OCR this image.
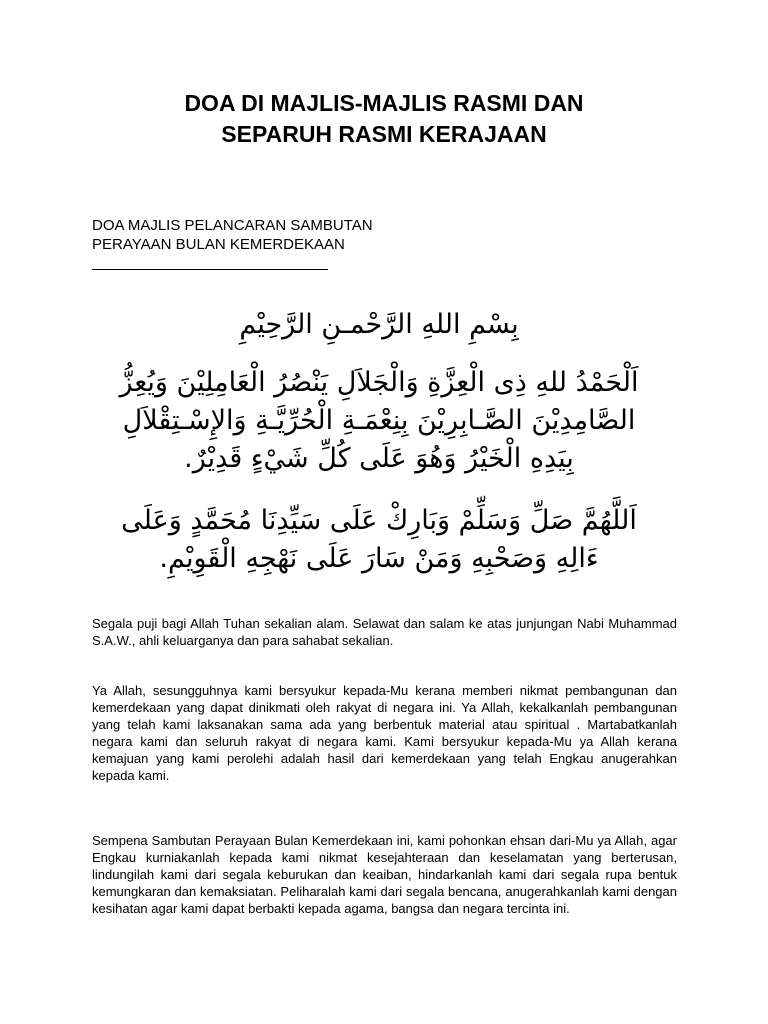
DOA DI MAJLIS-MAJLIS RASMI DAN
SEPARUH RASMI KERAJAAN
DOA MAJLIS PELANCARAN SAMBUTAN
PERAYAAN BULAN KEMERDEKAAN
بِسْمِ اللهِ الرَّحْمـنِ الرَّحِيْمِ
اَلْحَمْدُ للهِ ذِى الْعِزَّةِ وَالْجَلاَلِ يَنْصُرُ الْعَامِلِيْنَ وَيُعِزُّ
الصَّامِدِيْنَ الصَّـابِرِيْنَ بِنِعْمَـةِ الْحُرِّيَّـةِ وَالإِسْـتِقْلاَلِ
بِيَدِهِ الْخَيْرُ وَهُوَ عَلَى كُلِّ شَيْءٍ قَدِيْرٌ.
اَللَّهُمَّ صَلِّ وَسَلِّمْ وَبَارِكْ عَلَى سَيِّدِنَا مُحَمَّدٍ وَعَلَى
ءَالِهِ وَصَحْبِهِ وَمَنْ سَارَ عَلَى نَهْجِهِ الْقَوِيْمِ.

Segala puji bagi Allah Tuhan sekalian alam. Selawat dan salam ke atas junjungan Nabi Muhammad S.A.W., ahli keluarganya dan para sahabat sekalian.

Ya Allah, sesungguhnya kami bersyukur kepada-Mu kerana memberi nikmat pembangunan dan kemerdekaan yang dapat dinikmati oleh rakyat di negara ini. Ya Allah, kekalkanlah pembangunan yang telah kami laksanakan sama ada yang berbentuk material atau spiritual . Martabatkanlah negara kami dan seluruh rakyat di negara kami. Kami bersyukur kepada-Mu ya Allah kerana kemajuan yang kami perolehi adalah hasil dari kemerdekaan yang telah Engkau anugerahkan kepada kami.

Sempena Sambutan Perayaan Bulan Kemerdekaan ini, kami pohonkan ehsan dari-Mu ya Allah, agar Engkau kurniakanlah kepada kami nikmat kesejahteraan dan keselamatan yang berterusan, lindungilah kami dari segala keburukan dan keaiban, hindarkanlah kami dari segala rupa bentuk kemungkaran dan kemaksiatan. Peliharalah kami dari segala bencana, anugerahkanlah kami dengan kesihatan agar kami dapat berbakti kepada agama, bangsa dan negara tercinta ini.
